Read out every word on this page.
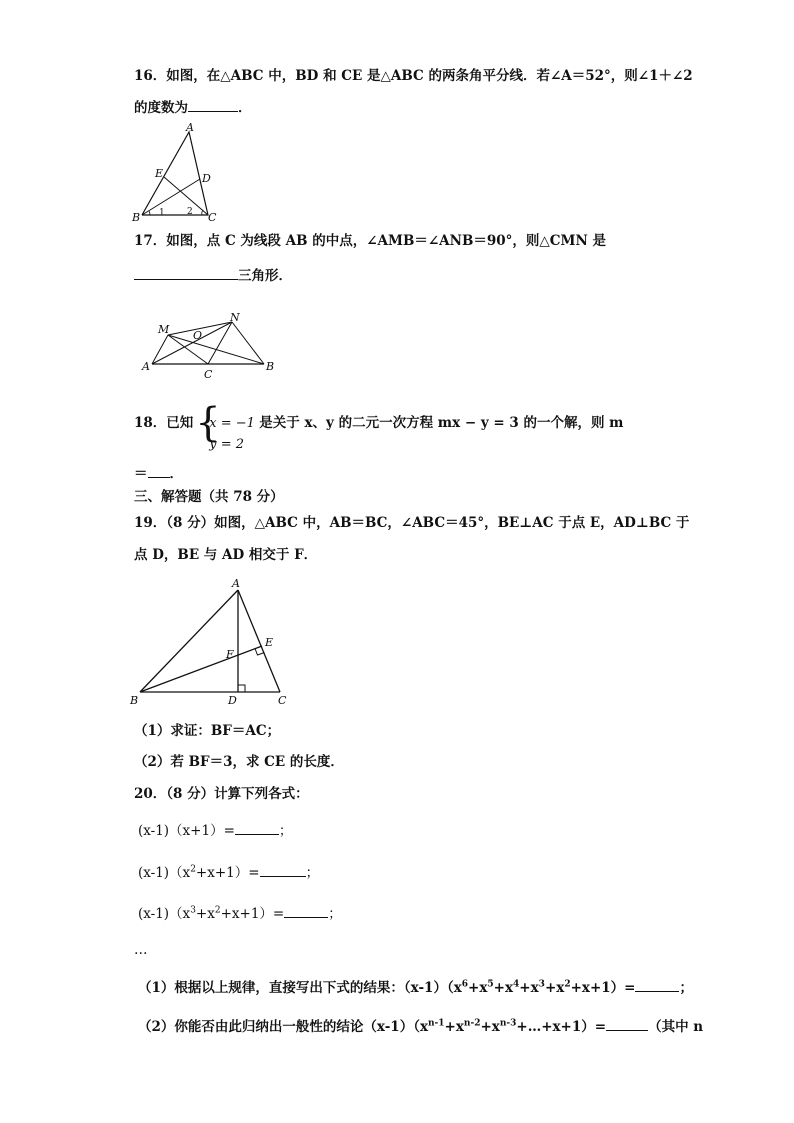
16．如图，在△ABC 中，BD 和 CE 是△ABC 的两条角平分线．若∠A＝52°，则∠1＋∠2
的度数为	．
A
B	C
D
E
1 2
17．如图，点 C 为线段 AB 的中点，∠AMB＝∠ANB＝90°，则△CMN 是
三角形．
M
N
O
A	B
C
18．已知 {
x = −1
y = 2
是关于 x、y 的二元一次方程 mx − y = 3 的一个解，则 m
＝ ．
三、解答题（共 78 分）
19．（8 分）如图，△ABC 中，AB＝BC，∠ABC＝45°，BE⊥AC 于点 E，AD⊥BC 于
点 D，BE 与 AD 相交于 F．
A
B	C
D
E
F
（1）求证：BF＝AC；
（2）若 BF＝3，求 CE 的长度．
20．（8 分）计算下列各式：
(x-1)（x+1）=	；
$(x-1)(x^2+x+1)=$	；
$(x-1)(x^3+x^2+x+1)=$	；
…
（1）根据以上规律，直接写出下式的结果：$(x-1)(x^6+x^5+x^4+x^3+x^2+x+1)=$	；
（2）你能否由此归纳出一般性的结论$(x-1)(x^{n-1}+x^{n-2}+x^{n-3}+\dots+x+1)=$	（其中 n
